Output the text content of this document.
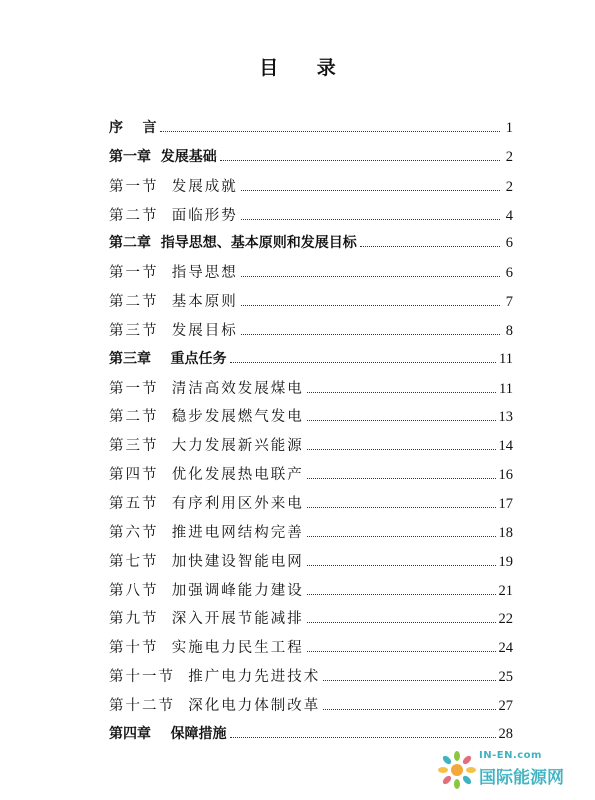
目 录
序    言	1
第一章  发展基础	2
第一节  发展成就	2
第二节  面临形势	4
第二章  指导思想、基本原则和发展目标	6
第一节  指导思想	6
第二节  基本原则	7
第三节  发展目标	8
第三章    重点任务	11
第一节  清洁高效发展煤电	11
第二节  稳步发展燃气发电	13
第三节  大力发展新兴能源	14
第四节  优化发展热电联产	16
第五节  有序利用区外来电	17
第六节  推进电网结构完善	18
第七节  加快建设智能电网	19
第八节  加强调峰能力建设	21
第九节  深入开展节能减排	22
第十节  实施电力民生工程	24
第十一节  推广电力先进技术	25
第十二节  深化电力体制改革	27
第四章    保障措施	28
IN-EN.com
国际能源网
